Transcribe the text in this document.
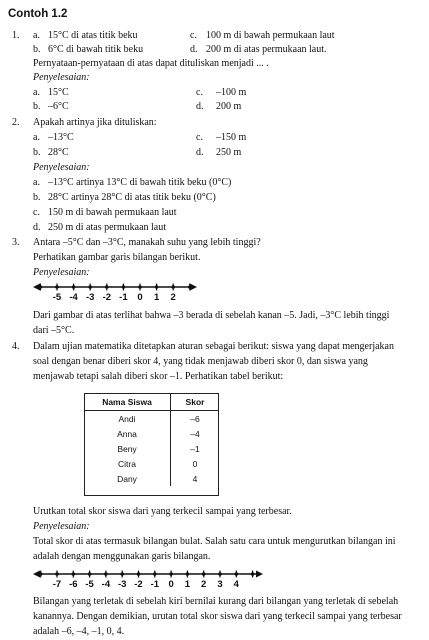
Contoh 1.2
1. a. 15°C di atas titik beku	c. 100 m di bawah permukaan laut
b. 6°C di bawah titik beku	d. 200 m di atas permukaan laut.
Pernyataan-pernyataan di atas dapat dituliskan menjadi ... .
Penyelesaian:
a. 15°C	c. –100 m
b. –6°C	d. 200 m
2. Apakah artinya jika dituliskan:
a. –13°C	c. –150 m
b. 28°C	d. 250 m
Penyelesaian:
a. –13°C artinya 13°C di bawah titik beku (0°C)
b. 28°C artinya 28°C di atas titik beku (0°C)
c. 150 m di bawah permukaan laut
d. 250 m di atas permukaan laut
3. Antara –5°C dan –3°C, manakah suhu yang lebih tinggi?
Perhatikan gambar garis bilangan berikut.
Penyelesaian:
-5 -4 -3 -2 -1 0 1 2
-7 -6 -5 -4 -3 -2 -1 0 1 2 3 4
Dari gambar di atas terlihat bahwa –3 berada di sebelah kanan –5. Jadi, –3°C lebih tinggi
dari –5°C.
4. Dalam ujian matematika ditetapkan aturan sebagai berikut: siswa yang dapat mengerjakan
soal dengan benar diberi skor 4, yang tidak menjawab diberi skor 0, dan siswa yang
menjawab tetapi salah diberi skor –1. Perhatikan tabel berikut:
Nama Siswa	Skor
Andi	–6
Anna	–4
Beny	–1
Citra	0
Dany	4
Urutkan total skor siswa dari yang terkecil sampai yang terbesar.
Penyelesaian:
Total skor di atas termasuk bilangan bulat. Salah satu cara untuk mengurutkan bilangan ini
adalah dengan menggunakan garis bilangan.
Bilangan yang terletak di sebelah kiri bernilai kurang dari bilangan yang terletak di sebelah
kanannya. Dengan demikian, urutan total skor siswa dari yang terkecil sampai yang terbesar
adalah –6, –4, –1, 0, 4.
